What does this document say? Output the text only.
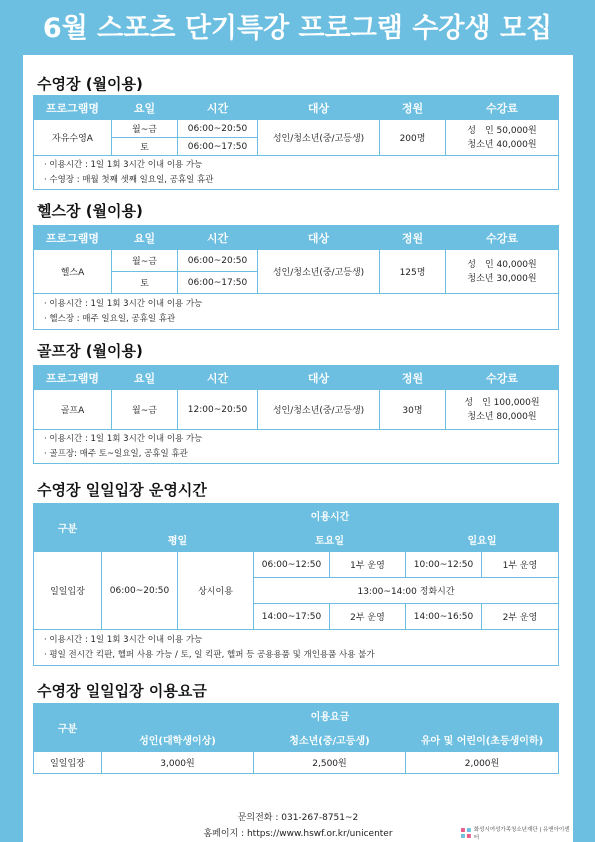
6월 스포츠 단기특강 프로그램 수강생 모집
수영장 (월이용)
프로그램명	요일	시간	대상	정원	수강료
자유수영A	월~금	06:00~20:50	성인/청소년(중/고등생)	200명	성　인 50,000원
청소년 40,000원

	토	06:00~17:50			

· 이용시간 : 1일 1회 3시간 이내 이용 가능
· 수영장 : 매월 첫째 셋째 일요일, 공휴일 휴관					
헬스장 (월이용)
프로그램명	요일	시간	대상	정원	수강료
헬스A	월~금	06:00~20:50	성인/청소년(중/고등생)	125명	성　인 40,000원
청소년 30,000원

	토	06:00~17:50			

· 이용시간 : 1일 1회 3시간 이내 이용 가능
· 헬스장 : 매주 일요일, 공휴일 휴관					
골프장 (월이용)
프로그램명	요일	시간	대상	정원	수강료
골프A	월~금	12:00~20:50	성인/청소년(중/고등생)	30명	성　인 100,000원
청소년 80,000원

· 이용시간 : 1일 1회 3시간 이내 이용 가능
· 골프장: 매주 토~일요일, 공휴일 휴관					
수영장 일일입장 운영시간
구분	이용시간					
	평일		토요일		일요일	
일일입장	06:00~20:50	상시이용	06:00~12:50	1부 운영	10:00~12:50	1부 운영
			13:00~14:00 정화시간			
			14:00~17:50	2부 운영	14:00~16:50	2부 운영

· 이용시간 : 1일 1회 3시간 이내 이용 가능
· 평일 전시간 킥판, 헬퍼 사용 가능 / 토, 일 킥판, 헬퍼 등 공용용품 및 개인용품 사용 불가						
수영장 일일입장 이용요금
구분	이용요금		
	성인(대학생이상)	청소년(중/고등생)	유아 및 어린이(초등생이하)
일일입장	3,000원	2,500원	2,000원
문의전화 : 031-267-8751~2
홈페이지 : https://www.hswf.or.kr/unicenter	화성시여성가족청소년재단 | 유앤아이센터
